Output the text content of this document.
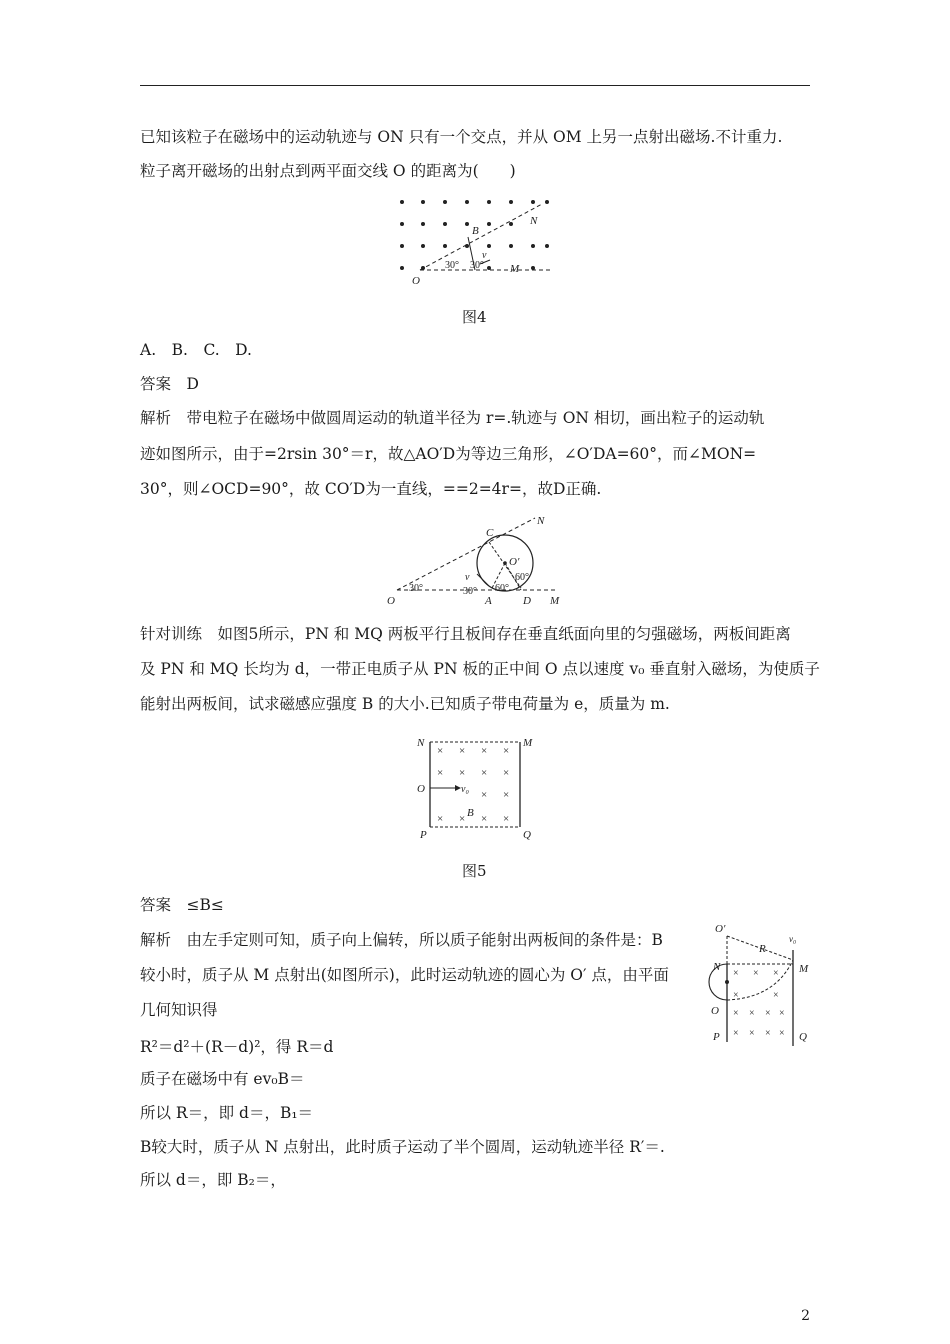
已知该粒子在磁场中的运动轨迹与 ON 只有一个交点，并从 OM 上另一点射出磁场.不计重力.
粒子离开磁场的出射点到两平面交线 O 的距离为(　　)
N
B
O
M
v
30° 30°
图4
A.　B.　C.　D.
答案　 D
解析　 带电粒子在磁场中做圆周运动的轨道半径为 r=.轨迹与 ON 相切，画出粒子的运动轨
迹如图所示，由于=2rsin 30°＝r，故△AO′D为等边三角形，∠O′DA=60°，而∠MON=
30°，则∠OCD=90°，故 CO′D为一直线，==2=4r=，故D正确.
C
N
O′
60°
60°
v
30°	30°
O	A	D M
针对训练　 如图5所示，PN 和 MQ 两板平行且板间存在垂直纸面向里的匀强磁场，两板间距离
及 PN 和 MQ 长均为 d，一带正电质子从 PN 板的正中间 O 点以速度 v₀ 垂直射入磁场，为使质子
能射出两板间，试求磁感应强度 B 的大小.已知质子带电荷量为 e，质量为 m.
× × × ×
× × × ×
× ×
× × × ×
N	M
O	v₀
B
P	Q
图5
答案　 ≤B≤
解析　 由左手定则可知，质子向上偏转，所以质子能射出两板间的条件是：B
较小时，质子从 M 点射出(如图所示)，此时运动轨迹的圆心为 O′ 点，由平面
几何知识得
× × ×
×	×
× × × ×
× × × ×
O′
R
v₀
N	M
O
P	Q
R²＝d²＋(R－d)²，得 R＝d
质子在磁场中有 ev₀B＝
所以 R＝，即 d＝，B₁＝
B较大时，质子从 N 点射出，此时质子运动了半个圆周，运动轨迹半径 R′＝.
所以 d＝，即 B₂＝，
2
